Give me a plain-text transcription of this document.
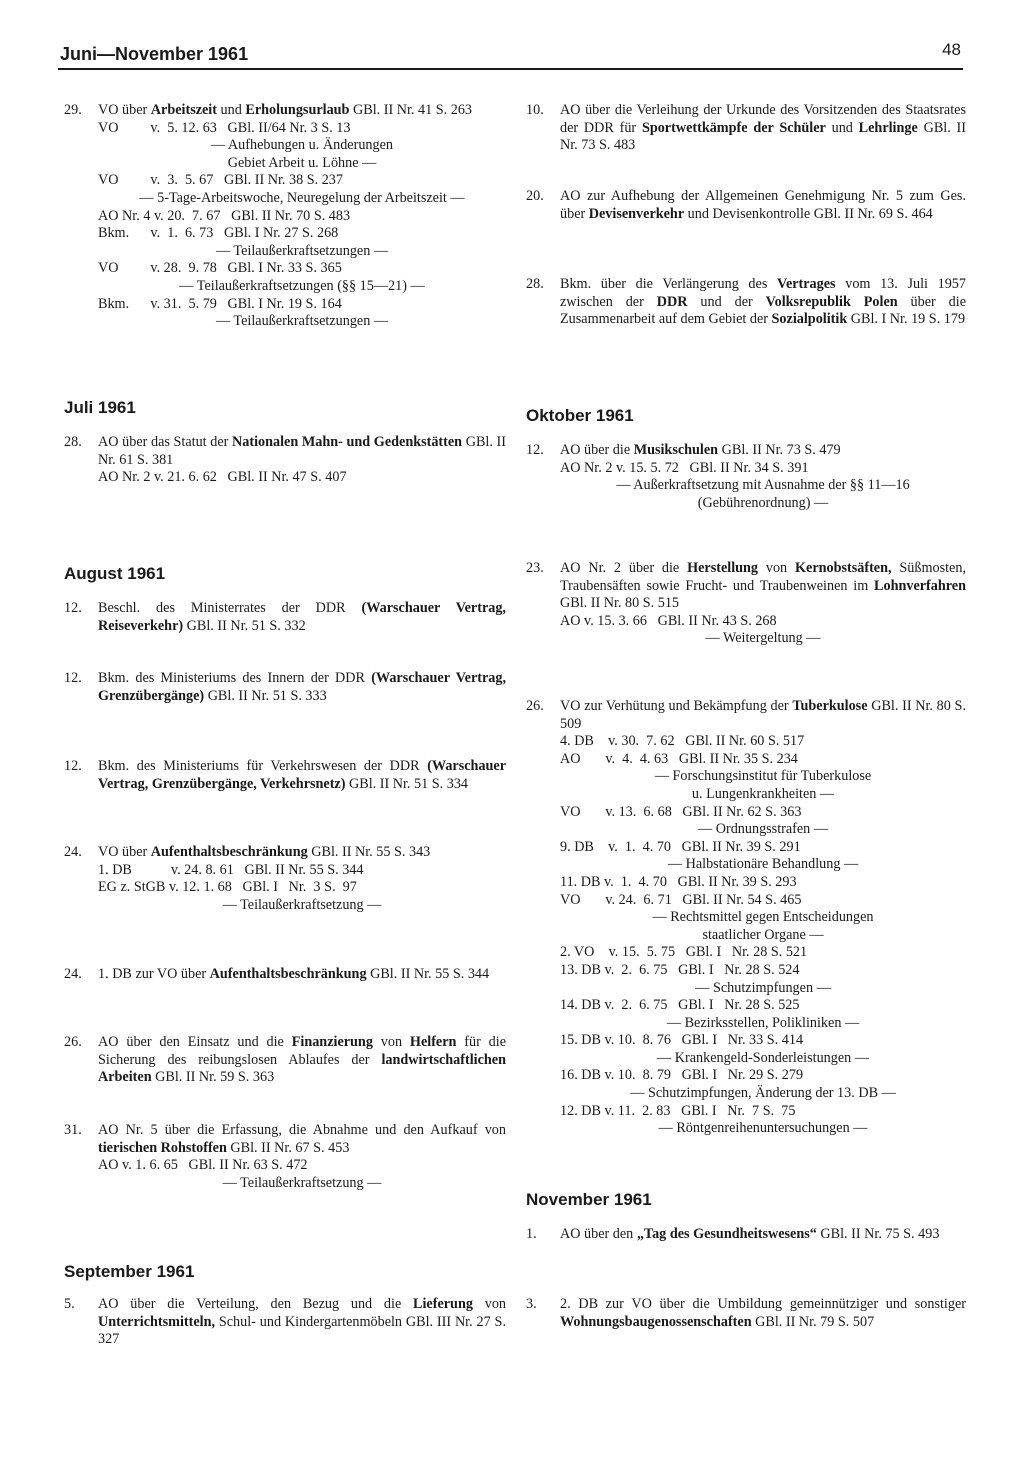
Juni—November 1961	48
29.	VO über Arbeitszeit und Erholungsurlaub GBl. II Nr. 41 S. 263
VO         v.  5. 12. 63   GBl. II/64 Nr. 3 S. 13
— Aufhebungen u. Änderungen
Gebiet Arbeit u. Löhne —
VO         v.  3.  5. 67   GBl. II Nr. 38 S. 237
— 5-Tage-Arbeitswoche, Neuregelung der Arbeitszeit —
AO Nr. 4 v. 20.  7. 67   GBl. II Nr. 70 S. 483
Bkm.      v.  1.  6. 73   GBl. I Nr. 27 S. 268
— Teilaußerkraftsetzungen —
VO         v. 28.  9. 78   GBl. I Nr. 33 S. 365
— Teilaußerkraftsetzungen (§§ 15—21) —
Bkm.      v. 31.  5. 79   GBl. I Nr. 19 S. 164
— Teilaußerkraftsetzungen —
Juli 1961
28.	AO über das Statut der Nationalen Mahn- und Gedenkstätten GBl. II Nr. 61 S. 381
AO Nr. 2 v. 21. 6. 62   GBl. II Nr. 47 S. 407
August 1961
12.	Beschl. des Ministerrates der DDR (Warschauer Vertrag, Reiseverkehr) GBl. II Nr. 51 S. 332
12.	Bkm. des Ministeriums des Innern der DDR (Warschauer Vertrag, Grenzübergänge) GBl. II Nr. 51 S. 333
12.	Bkm. des Ministeriums für Verkehrswesen der DDR (Warschauer Vertrag, Grenzübergänge, Verkehrsnetz) GBl. II Nr. 51 S. 334
24.	VO über Aufenthaltsbeschränkung GBl. II Nr. 55 S. 343
1. DB           v. 24. 8. 61   GBl. II Nr. 55 S. 344
EG z. StGB v. 12. 1. 68   GBl. I   Nr.  3 S.  97
— Teilaußerkraftsetzung —
24.	1. DB zur VO über Aufenthaltsbeschränkung GBl. II Nr. 55 S. 344
26.	AO über den Einsatz und die Finanzierung von Helfern für die Sicherung des reibungslosen Ablaufes der landwirtschaftlichen Arbeiten GBl. II Nr. 59 S. 363
31.	AO Nr. 5 über die Erfassung, die Abnahme und den Aufkauf von tierischen Rohstoffen GBl. II Nr. 67 S. 453
AO v. 1. 6. 65   GBl. II Nr. 63 S. 472
— Teilaußerkraftsetzung —
September 1961
5.	AO über die Verteilung, den Bezug und die Lieferung von Unterrichtsmitteln, Schul- und Kindergartenmöbeln GBl. III Nr. 27 S. 327
10.	AO über die Verleihung der Urkunde des Vorsitzenden des Staatsrates der DDR für Sportwettkämpfe der Schüler und Lehrlinge GBl. II Nr. 73 S. 483
20.	AO zur Aufhebung der Allgemeinen Genehmigung Nr. 5 zum Ges. über Devisenverkehr und Devisenkontrolle GBl. II Nr. 69 S. 464
28.	Bkm. über die Verlängerung des Vertrages vom 13. Juli 1957 zwischen der DDR und der Volksrepublik Polen über die Zusammenarbeit auf dem Gebiet der Sozialpolitik GBl. I Nr. 19 S. 179
Oktober 1961
12.	AO über die Musikschulen GBl. II Nr. 73 S. 479
AO Nr. 2 v. 15. 5. 72   GBl. II Nr. 34 S. 391
— Außerkraftsetzung mit Ausnahme der §§ 11—16
(Gebührenordnung) —
23.	AO Nr. 2 über die Herstellung von Kernobstsäften, Süßmosten, Traubensäften sowie Frucht- und Traubenweinen im Lohnverfahren GBl. II Nr. 80 S. 515
AO v. 15. 3. 66   GBl. II Nr. 43 S. 268
— Weitergeltung —
26.	VO zur Verhütung und Bekämpfung der Tuberkulose GBl. II Nr. 80 S. 509
4. DB    v. 30.  7. 62   GBl. II Nr. 60 S. 517
AO       v.  4.  4. 63   GBl. II Nr. 35 S. 234
— Forschungsinstitut für Tuberkulose
u. Lungenkrankheiten —
VO       v. 13.  6. 68   GBl. II Nr. 62 S. 363
— Ordnungsstrafen —
9. DB    v.  1.  4. 70   GBl. II Nr. 39 S. 291
— Halbstationäre Behandlung —
11. DB v.  1.  4. 70   GBl. II Nr. 39 S. 293
VO       v. 24.  6. 71   GBl. II Nr. 54 S. 465
— Rechtsmittel gegen Entscheidungen
staatlicher Organe —
2. VO    v. 15.  5. 75   GBl. I   Nr. 28 S. 521
13. DB v.  2.  6. 75   GBl. I   Nr. 28 S. 524
— Schutzimpfungen —
14. DB v.  2.  6. 75   GBl. I   Nr. 28 S. 525
— Bezirksstellen, Polikliniken —
15. DB v. 10.  8. 76   GBl. I   Nr. 33 S. 414
— Krankengeld-Sonderleistungen —
16. DB v. 10.  8. 79   GBl. I   Nr. 29 S. 279
— Schutzimpfungen, Änderung der 13. DB —
12. DB v. 11.  2. 83   GBl. I   Nr.  7 S.  75
— Röntgenreihenuntersuchungen —
November 1961
1.	AO über den „Tag des Gesundheitswesens“ GBl. II Nr. 75 S. 493
3.	2. DB zur VO über die Umbildung gemeinnütziger und sonstiger Wohnungsbaugenossenschaften GBl. II Nr. 79 S. 507
